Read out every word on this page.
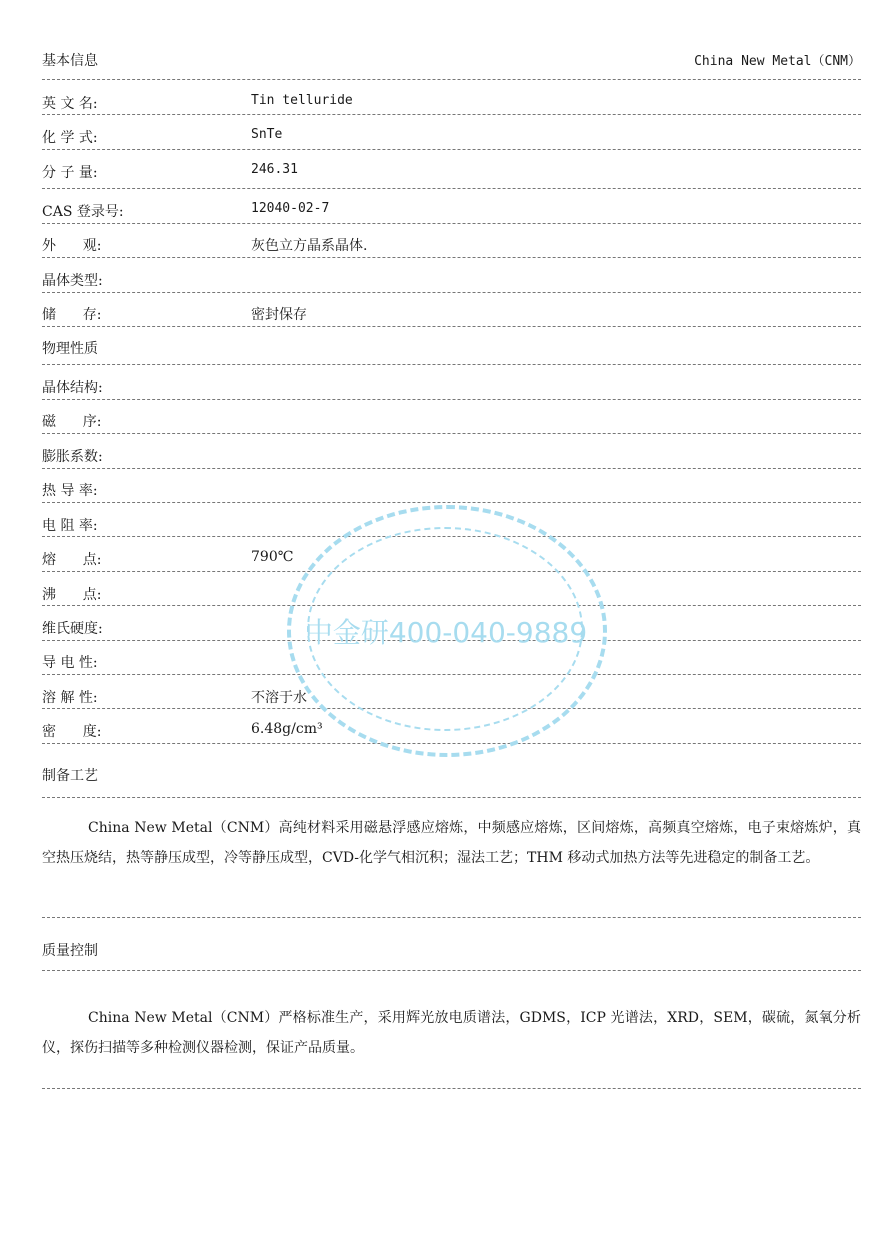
基本信息	China New Metal（CNM）
英 文 名:	Tin telluride
化 学 式:	SnTe
分 子 量:	246.31
CAS 登录号:	12040-02-7
外      观:	灰色立方晶系晶体.
晶体类型:
储      存:	密封保存
物理性质
晶体结构:
磁      序:
膨胀系数:
热 导 率:
电 阻 率:
熔      点:	790℃
沸      点:
维氏硬度:
导 电 性:
溶 解 性:	不溶于水
密      度:	6.48g/cm³
制备工艺
China New Metal（CNM）高纯材料采用磁悬浮感应熔炼，中频感应熔炼，区间熔炼，高频真空熔炼，电子束熔炼炉，真空热压烧结，热等静压成型，冷等静压成型，CVD-化学气相沉积；湿法工艺；THM 移动式加热方法等先进稳定的制备工艺。
质量控制
China New Metal（CNM）严格标准生产，采用辉光放电质谱法，GDMS，ICP 光谱法，XRD，SEM，碳硫，氮氧分析仪，探伤扫描等多种检测仪器检测，保证产品质量。
中金研400-040-9889
